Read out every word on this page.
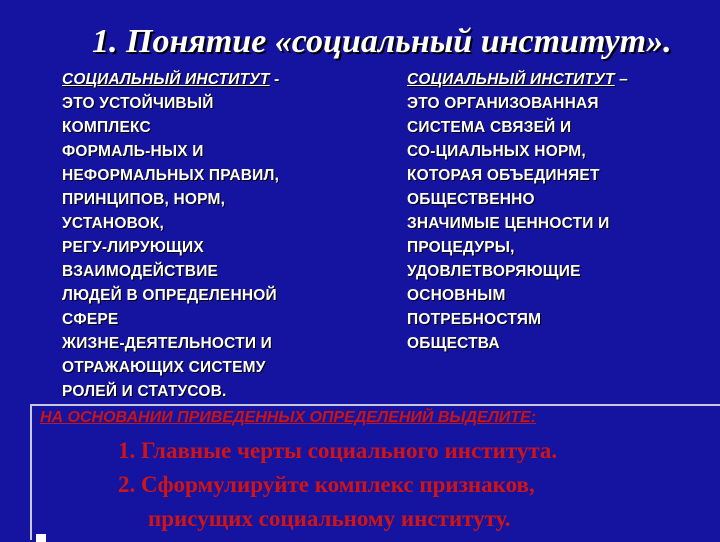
1. Понятие «социальный институт».
СОЦИАЛЬНЫЙ ИНСТИТУТ -
ЭТО УСТОЙЧИВЫЙ
КОМПЛЕКС
ФОРМАЛЬ-НЫХ И
НЕФОРМАЛЬНЫХ ПРАВИЛ,
ПРИНЦИПОВ, НОРМ,
УСТАНОВОК,
РЕГУ-ЛИРУЮЩИХ
ВЗАИМОДЕЙСТВИЕ
ЛЮДЕЙ В ОПРЕДЕЛЕННОЙ
СФЕРЕ
ЖИЗНЕ-ДЕЯТЕЛЬНОСТИ И
ОТРАЖАЮЩИХ СИСТЕМУ
РОЛЕЙ И СТАТУСОВ.
СОЦИАЛЬНЫЙ ИНСТИТУТ –
ЭТО ОРГАНИЗОВАННАЯ
СИСТЕМА СВЯЗЕЙ И
СО-ЦИАЛЬНЫХ НОРМ,
КОТОРАЯ ОБЪЕДИНЯЕТ
ОБЩЕСТВЕННО
ЗНАЧИМЫЕ ЦЕННОСТИ И
ПРОЦЕДУРЫ,
УДОВЛЕТВОРЯЮЩИЕ
ОСНОВНЫМ
ПОТРЕБНОСТЯМ
ОБЩЕСТВА
НА ОСНОВАНИИ ПРИВЕДЕННЫХ ОПРЕДЕЛЕНИЙ ВЫДЕЛИТЕ:
1. Главные черты социального института.
2. Сформулируйте комплекс признаков,
присущих социальному институту.
